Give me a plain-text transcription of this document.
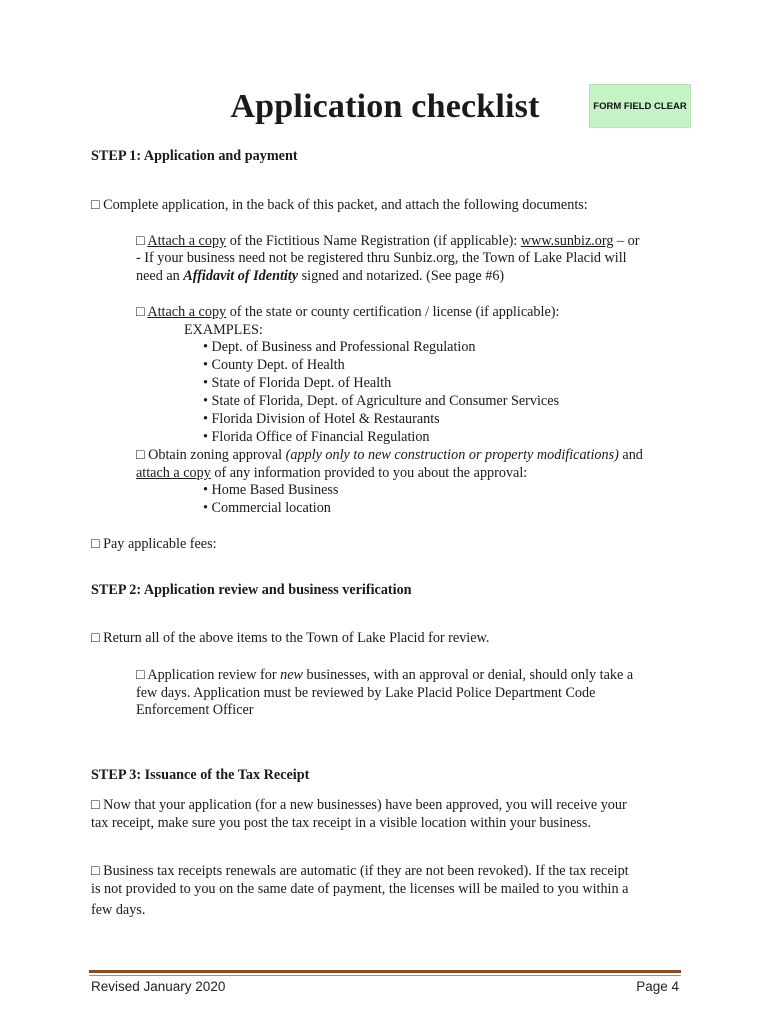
Application checklist	FORM FIELD CLEAR
STEP 1: Application and payment
□ Complete application, in the back of this packet, and attach the following documents:
□ Attach a copy of the Fictitious Name Registration (if applicable): www.sunbiz.org – or
- If your business need not be registered thru Sunbiz.org, the Town of Lake Placid will
need an Affidavit of Identity signed and notarized. (See page #6)
□ Attach a copy of the state or county certification / license (if applicable):
EXAMPLES:
• Dept. of Business and Professional Regulation
• County Dept. of Health
• State of Florida Dept. of Health
• State of Florida, Dept. of Agriculture and Consumer Services
• Florida Division of Hotel & Restaurants
• Florida Office of Financial Regulation
□ Obtain zoning approval (apply only to new construction or property modifications) and
attach a copy of any information provided to you about the approval:
• Home Based Business
• Commercial location
□ Pay applicable fees:
STEP 2: Application review and business verification
□ Return all of the above items to the Town of Lake Placid for review.
□ Application review for new businesses, with an approval or denial, should only take a
few days. Application must be reviewed by Lake Placid Police Department Code
Enforcement Officer
STEP 3: Issuance of the Tax Receipt
□ Now that your application (for a new businesses) have been approved, you will receive your
tax receipt, make sure you post the tax receipt in a visible location within your business.
□ Business tax receipts renewals are automatic (if they are not been revoked). If the tax receipt
is not provided to you on the same date of payment, the licenses will be mailed to you within a
few days.
Revised January 2020	Page 4
